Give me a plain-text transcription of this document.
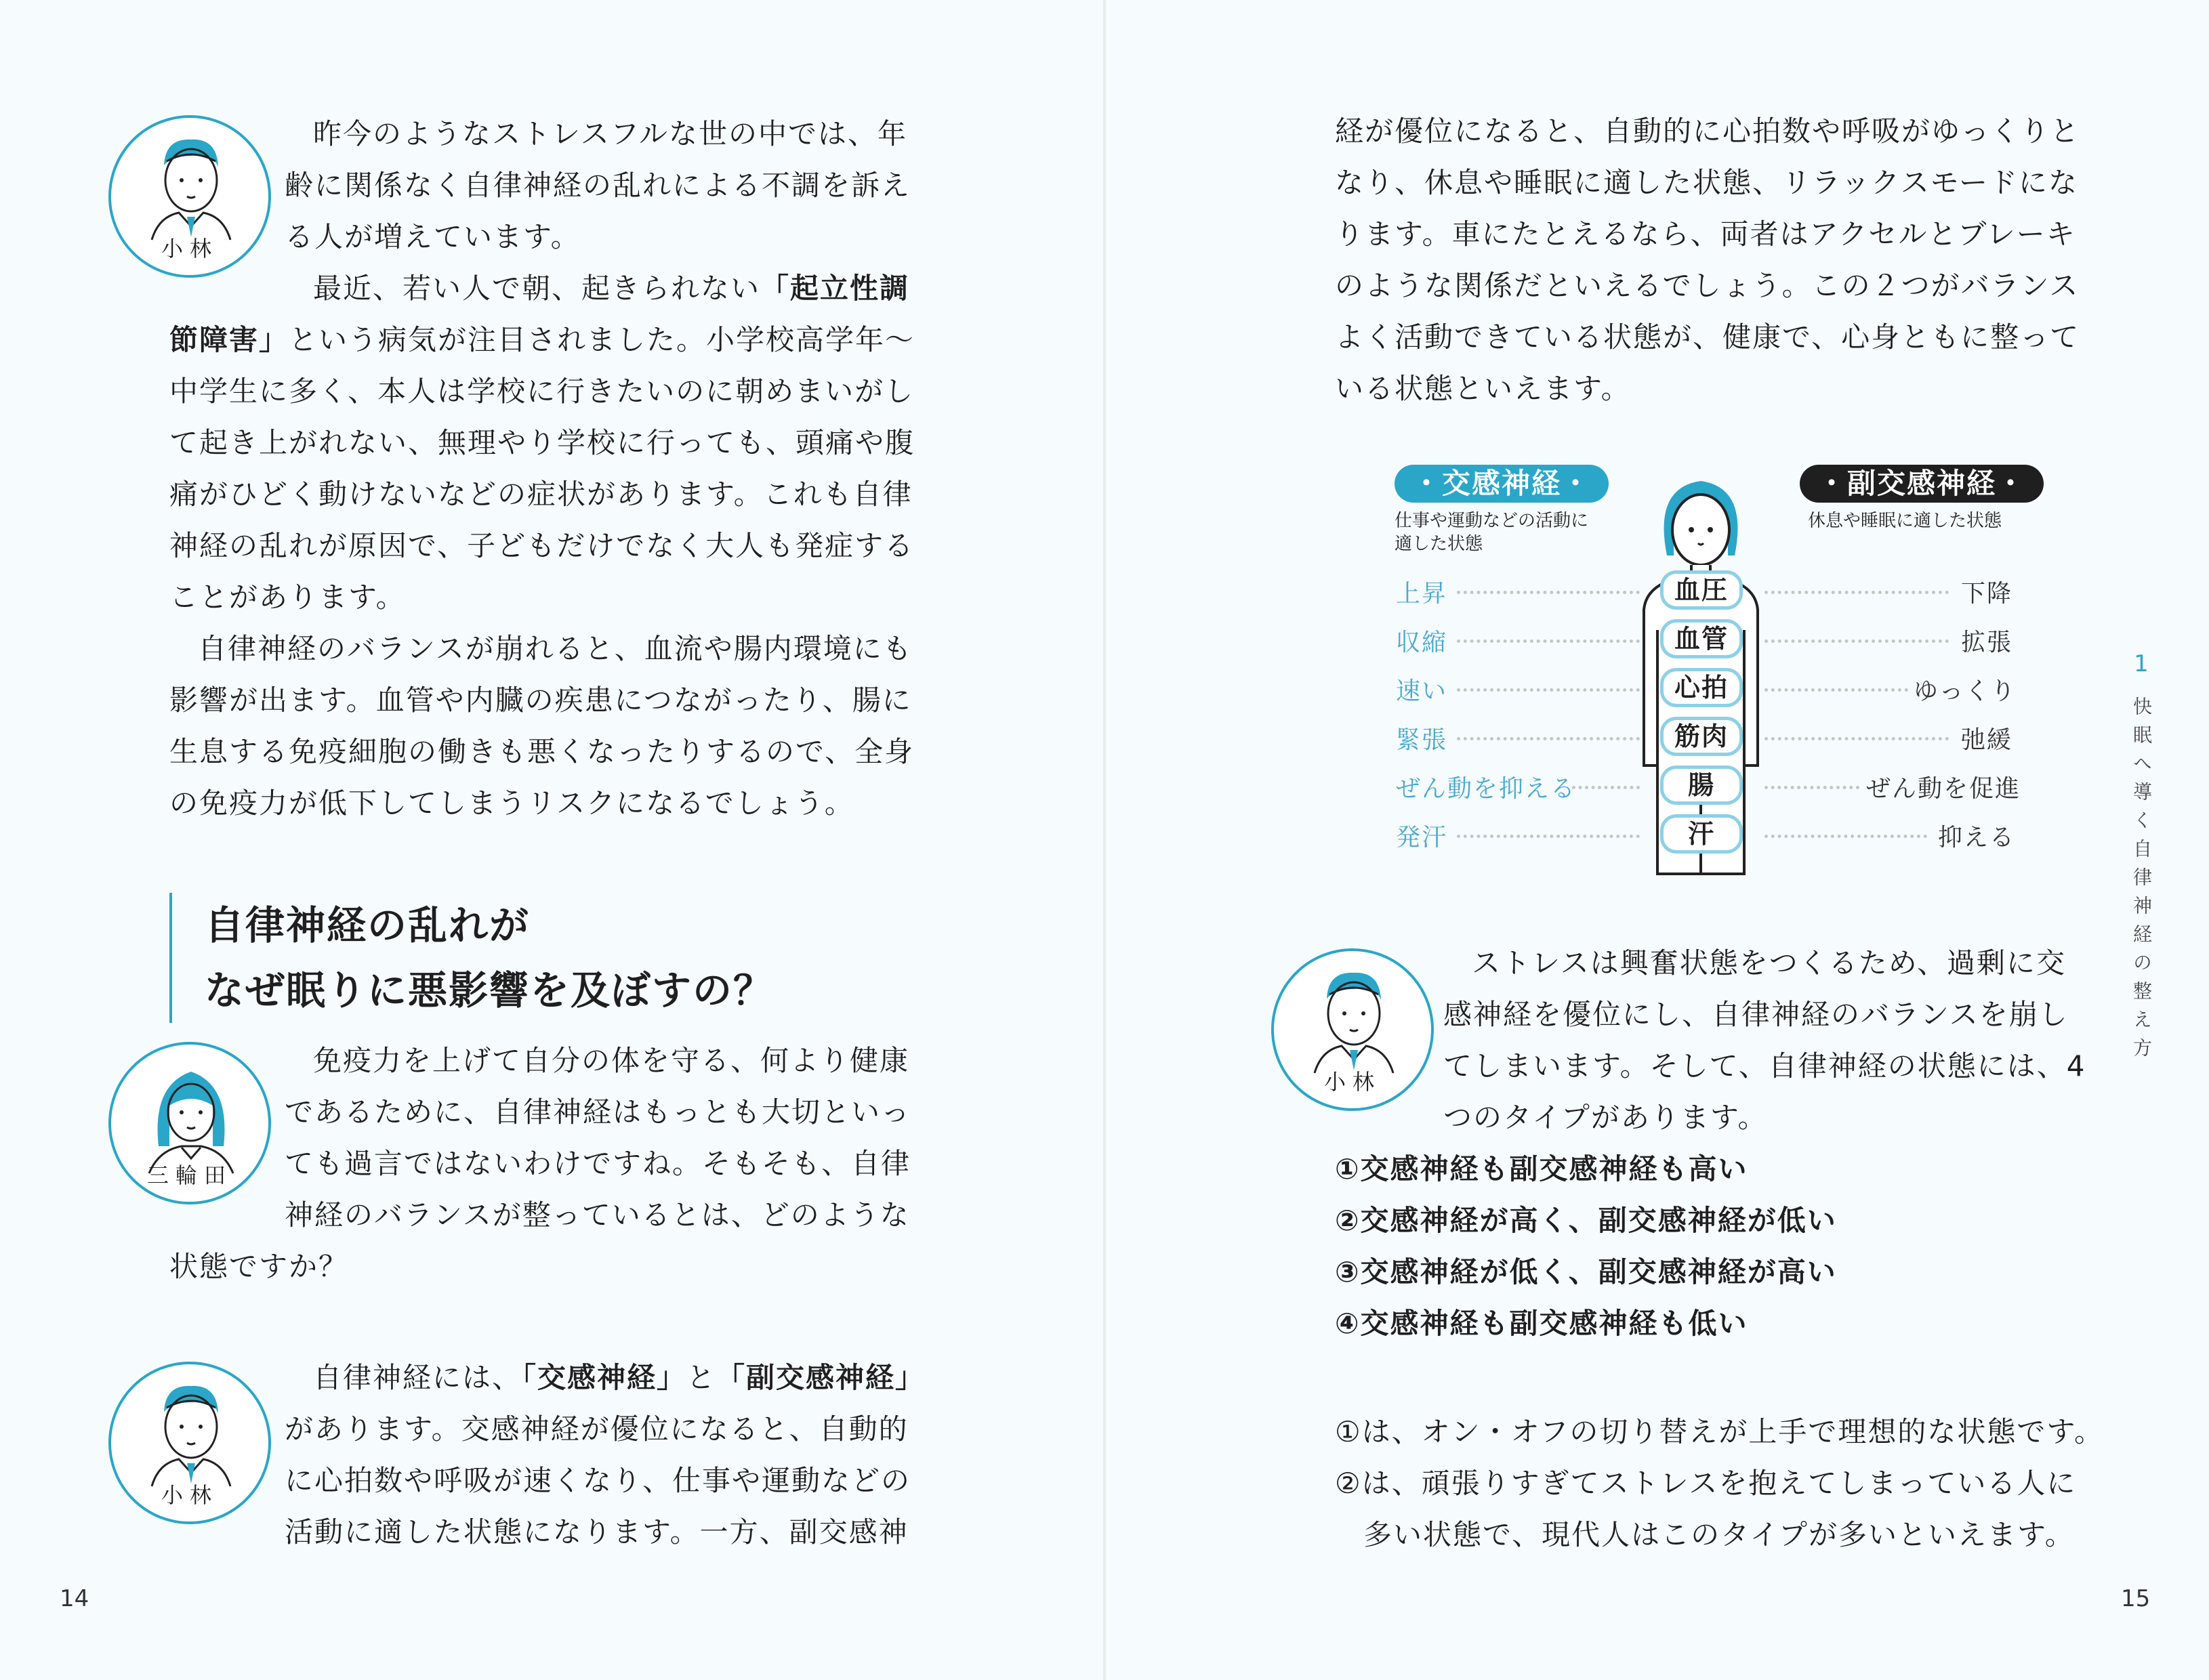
小林

昨今のようなストレスフルな世の中では、年
齢に関係なく自律神経の乱れによる不調を訴え
る人が増えています。
最近、若い人で朝、起きられない「起立性調

節障害」という病気が注目されました。小学校高学年〜
中学生に多く、本人は学校に行きたいのに朝めまいがし
て起き上がれない、無理やり学校に行っても、頭痛や腹
痛がひどく動けないなどの症状があります。これも自律
神経の乱れが原因で、子どもだけでなく大人も発症する
ことがあります。
自律神経のバランスが崩れると、血流や腸内環境にも
影響が出ます。血管や内臓の疾患につながったり、腸に
生息する免疫細胞の働きも悪くなったりするので、全身
の免疫力が低下してしまうリスクになるでしょう。

自律神経の乱れが
なぜ眠りに悪影響を及ぼすの？
三輪田

免疫力を上げて自分の体を守る、何より健康
であるために、自律神経はもっとも大切といっ
ても過言ではないわけですね。そもそも、自律
神経のバランスが整っているとは、どのような

状態ですか？

小林

自律神経には、「交感神経」と「副交感神経」
があります。交感神経が優位になると、自動的
に心拍数や呼吸が速くなり、仕事や運動などの
活動に適した状態になります。一方、副交感神

14

経が優位になると、自動的に心拍数や呼吸がゆっくりと
なり、休息や睡眠に適した状態、リラックスモードにな
ります。車にたとえるなら、両者はアクセルとブレーキ
のような関係だといえるでしょう。この２つがバランス
よく活動できている状態が、健康で、心身ともに整って
いる状態といえます。

・交感神経・
仕事や運動などの活動に
適した状態
・副交感神経・
休息や睡眠に適した状態
上昇	血圧	下降
収縮	血管	拡張
速い	心拍	ゆっくり
緊張	筋肉	弛緩
ぜん動を抑える	腸	ぜん動を促進
発汗	汗	抑える
小林

ストレスは興奮状態をつくるため、過剰に交
感神経を優位にし、自律神経のバランスを崩し
てしまいます。そして、自律神経の状態には、4
つのタイプがあります。

①交感神経も副交感神経も高い
②交感神経が高く、副交感神経が低い
③交感神経が低く、副交感神経が高い
④交感神経も副交感神経も低い

①は、オン・オフの切り替えが上手で理想的な状態です。
②は、頑張りすぎてストレスを抱えてしまっている人に
多い状態で、現代人はこのタイプが多いといえます。

1
快眠へ導く自律神経の整え方
15
